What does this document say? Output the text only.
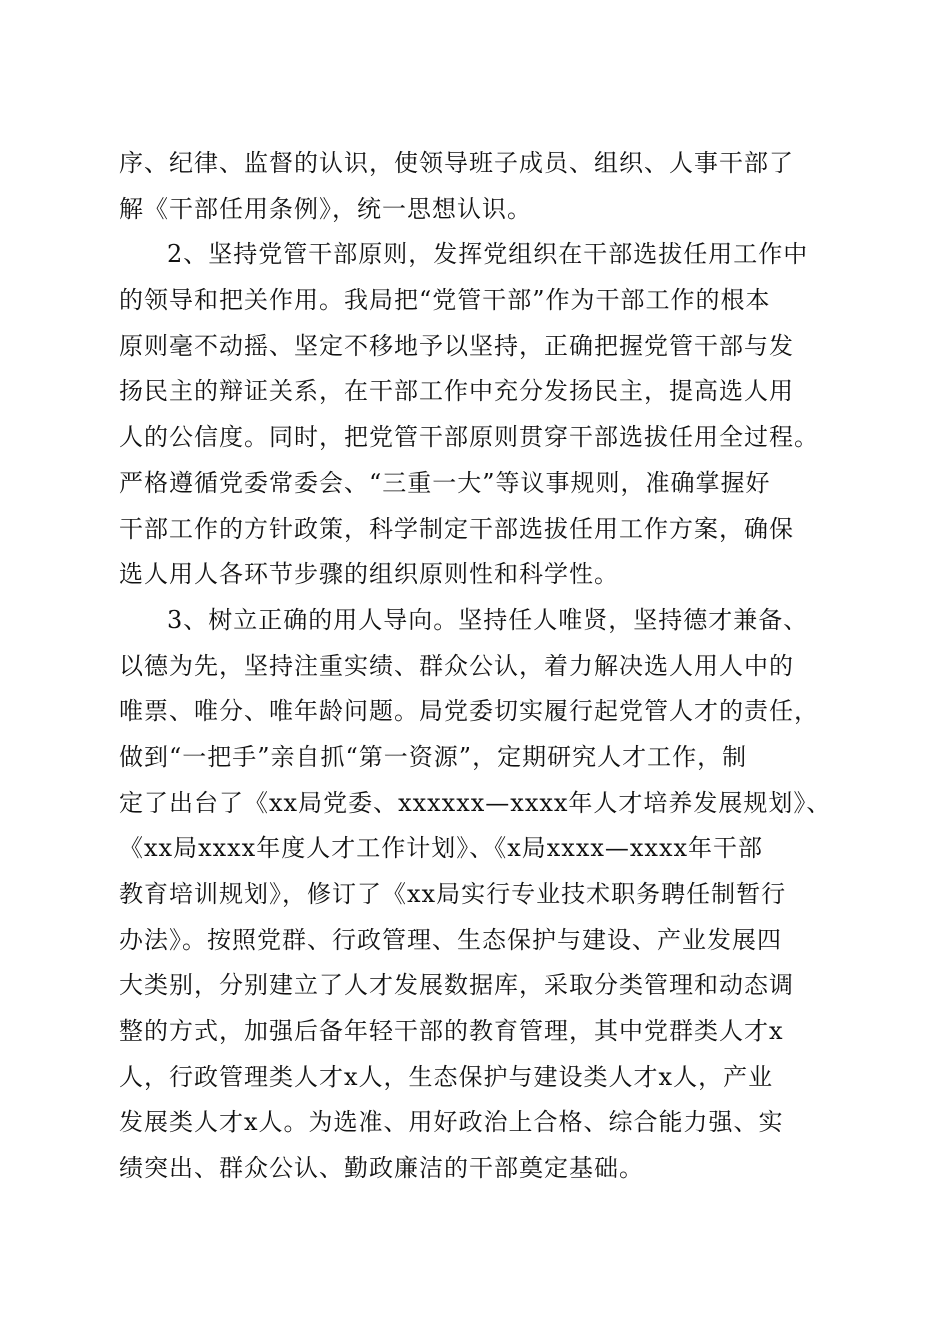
序、纪律、监督的认识，使领导班子成员、组织、人事干部了
解《干部任用条例》，统一思想认识。
2、坚持党管干部原则，发挥党组织在干部选拔任用工作中
的领导和把关作用。我局把“党管干部”作为干部工作的根本
原则毫不动摇、坚定不移地予以坚持，正确把握党管干部与发
扬民主的辩证关系，在干部工作中充分发扬民主，提高选人用
人的公信度。同时，把党管干部原则贯穿干部选拔任用全过程。
严格遵循党委常委会、“三重一大”等议事规则，准确掌握好
干部工作的方针政策，科学制定干部选拔任用工作方案，确保
选人用人各环节步骤的组织原则性和科学性。
3、树立正确的用人导向。坚持任人唯贤，坚持德才兼备、
以德为先，坚持注重实绩、群众公认，着力解决选人用人中的
唯票、唯分、唯年龄问题。局党委切实履行起党管人才的责任，
做到“一把手”亲自抓“第一资源”，定期研究人才工作，制
定了出台了《xx局党委、xxxxxx—xxxx年人才培养发展规划》、
《xx局xxxx年度人才工作计划》、《x局xxxx—xxxx年干部
教育培训规划》，修订了《xx局实行专业技术职务聘任制暂行
办法》。按照党群、行政管理、生态保护与建设、产业发展四
大类别，分别建立了人才发展数据库，采取分类管理和动态调
整的方式，加强后备年轻干部的教育管理，其中党群类人才x
人，行政管理类人才x人，生态保护与建设类人才x人，产业
发展类人才x人。为选准、用好政治上合格、综合能力强、实
绩突出、群众公认、勤政廉洁的干部奠定基础。
